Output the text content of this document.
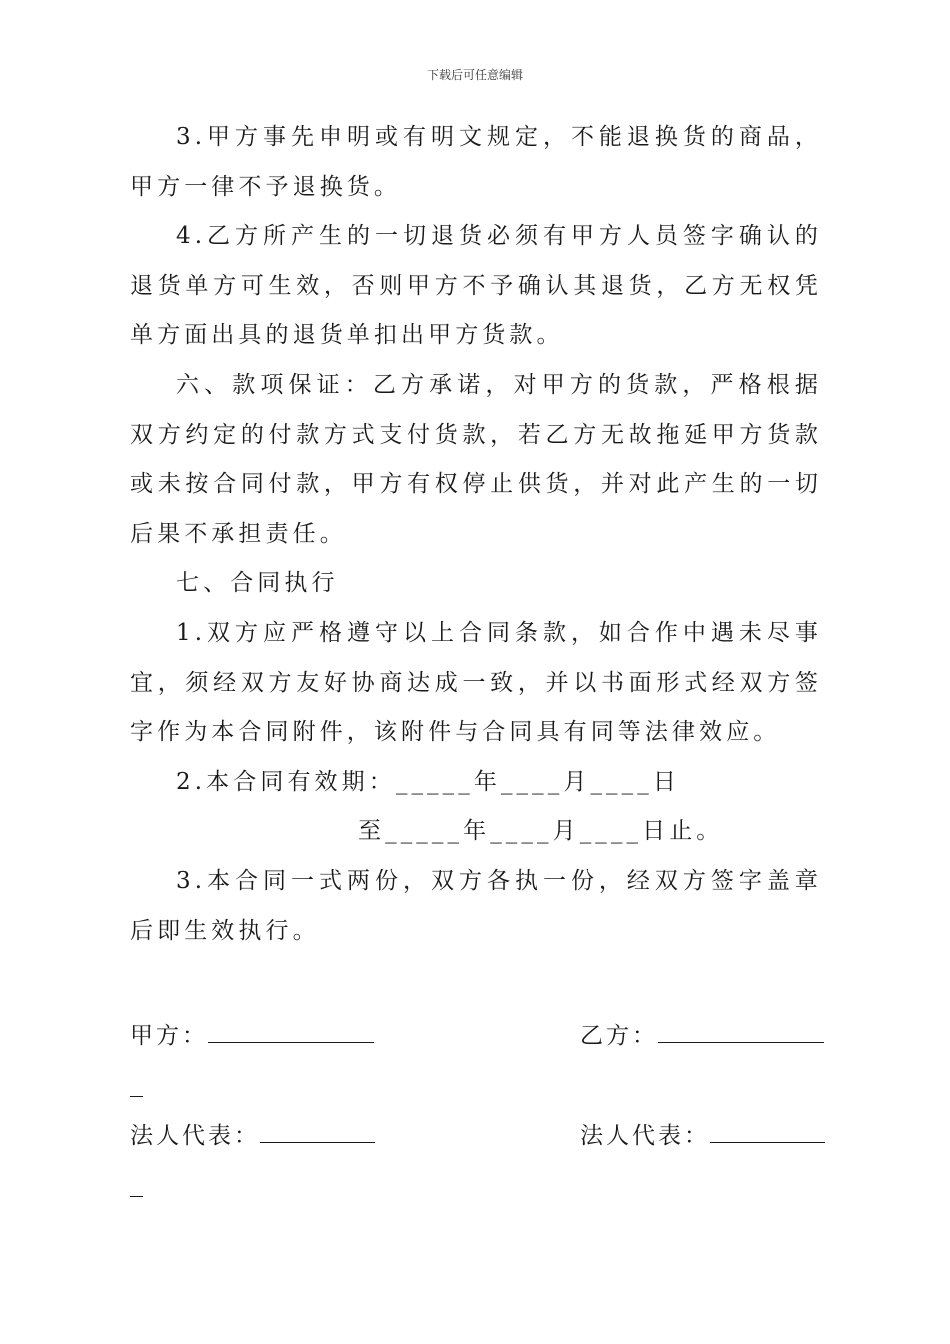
下载后可任意编辑

3.甲方事先申明或有明文规定，不能退换货的商品，甲方一律不予退换货。

4.乙方所产生的一切退货必须有甲方人员签字确认的退货单方可生效，否则甲方不予确认其退货，乙方无权凭单方面出具的退货单扣出甲方货款。

六、款项保证：乙方承诺，对甲方的货款，严格根据双方约定的付款方式支付货款，若乙方无故拖延甲方货款或未按合同付款，甲方有权停止供货，并对此产生的一切后果不承担责任。

七、合同执行

1.双方应严格遵守以上合同条款，如合作中遇未尽事宜，须经双方友好协商达成一致，并以书面形式经双方签字作为本合同附件，该附件与合同具有同等法律效应。

2.本合同有效期：_____年____月____日

至_____年____月____日止。

3.本合同一式两份，双方各执一份，经双方签字盖章后即生效执行。

甲方：	乙方：
法人代表：	法人代表：
